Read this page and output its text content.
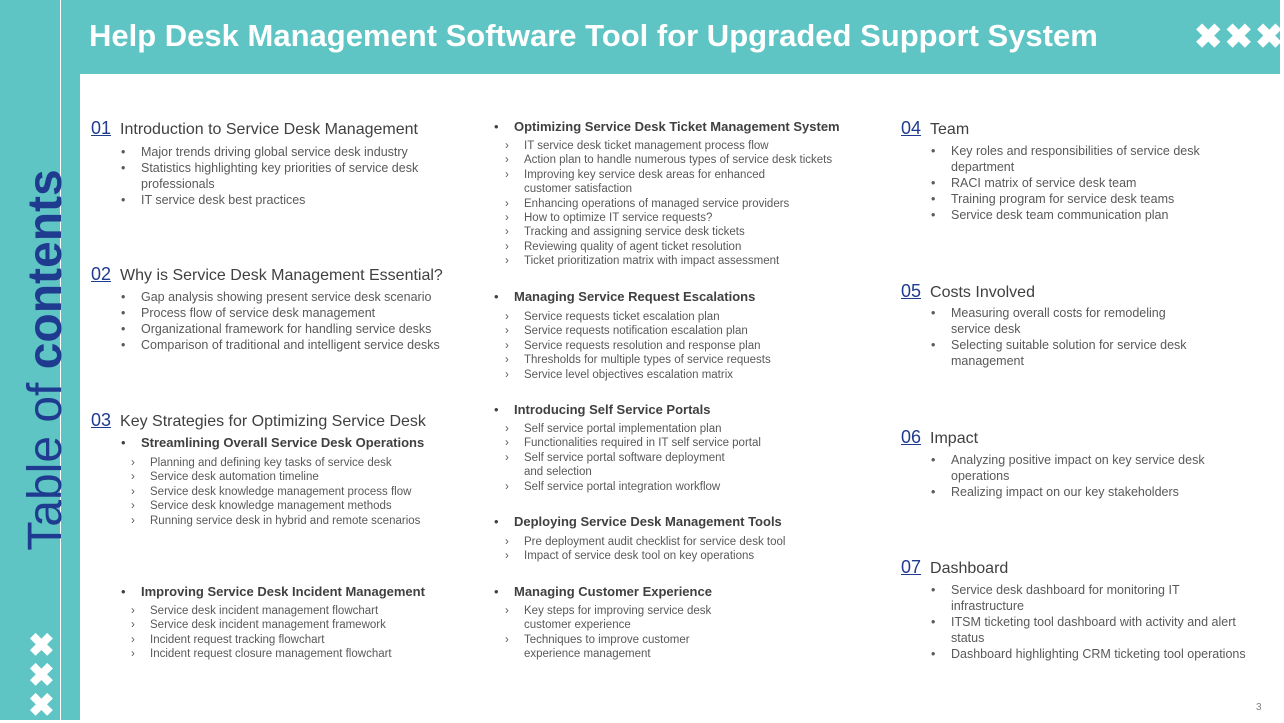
Help Desk Management Software Tool for Upgraded Support System	✖ ✖ ✖
✖
✖
✖
Table of contents
01 Introduction to Service Desk Management
• Major trends driving global service desk industry
• Statistics highlighting key priorities of service desk professionals
• IT service desk best practices
02 Why is Service Desk Management Essential?
• Gap analysis showing present service desk scenario
• Process flow of service desk management
• Organizational framework for handling service desks
• Comparison of traditional and intelligent service desks
03 Key Strategies for Optimizing Service Desk
• Streamlining Overall Service Desk Operations
› Planning and defining key tasks of service desk
› Service desk automation timeline
› Service desk knowledge management process flow
› Service desk knowledge management methods
› Running service desk in hybrid and remote scenarios
• Improving Service Desk Incident Management
› Service desk incident management flowchart
› Service desk incident management framework
› Incident request tracking flowchart
› Incident request closure management flowchart
• Optimizing Service Desk Ticket Management System
› IT service desk ticket management process flow
› Action plan to handle numerous types of service desk tickets
› Improving key service desk areas for enhanced customer satisfaction
› Enhancing operations of managed service providers
› How to optimize IT service requests?
› Tracking and assigning service desk tickets
› Reviewing quality of agent ticket resolution
› Ticket prioritization matrix with impact assessment
• Managing Service Request Escalations
› Service requests ticket escalation plan
› Service requests notification escalation plan
› Service requests resolution and response plan
› Thresholds for multiple types of service requests
› Service level objectives escalation matrix
• Introducing Self Service Portals
› Self service portal implementation plan
› Functionalities required in IT self service portal
› Self service portal software deployment and selection
› Self service portal integration workflow
• Deploying Service Desk Management Tools
› Pre deployment audit checklist for service desk tool
› Impact of service desk tool on key operations
• Managing Customer Experience
› Key steps for improving service desk customer experience
› Techniques to improve customer experience management
04 Team
• Key roles and responsibilities of service desk department
• RACI matrix of service desk team
• Training program for service desk teams
• Service desk team communication plan
05 Costs Involved
• Measuring overall costs for remodeling service desk
• Selecting suitable solution for service desk management
06 Impact
• Analyzing positive impact on key service desk operations
• Realizing impact on our key stakeholders
07 Dashboard
• Service desk dashboard for monitoring IT infrastructure
• ITSM ticketing tool dashboard with activity and alert status
• Dashboard highlighting CRM ticketing tool operations
3
